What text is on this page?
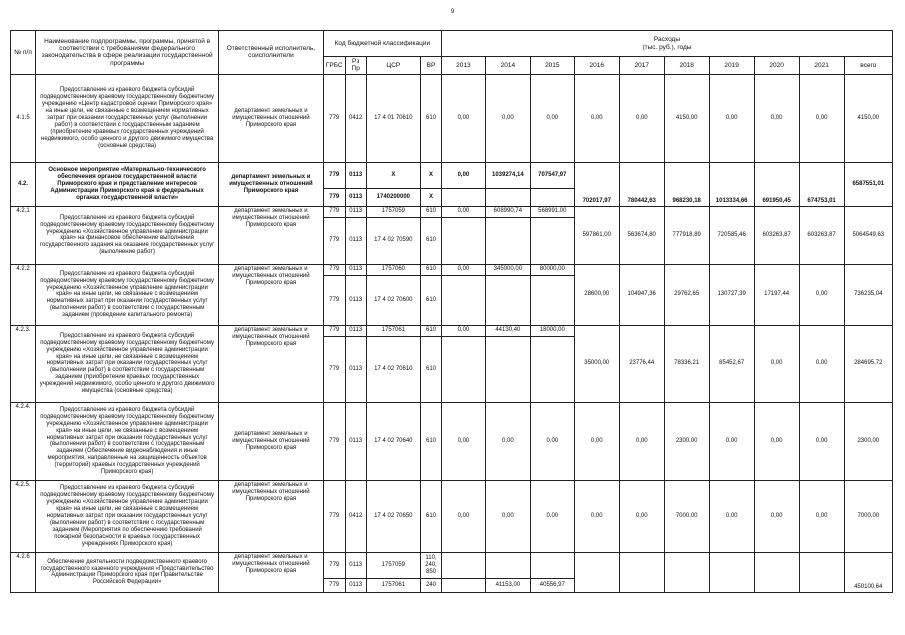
9
№ п/п	Наименование подпрограммы, программы, принятой в соответствии с требованиями федерального законодательства в сфере реализации государственной программы	Ответственный исполнитель, соисполнители	Код бюджетной классификации				Расходы
(тыс. руб.), годы									

			ГРБС	Рз Пр	ЦСР	ВР	2013	2014	2015	2016	2017	2018	2019	2020	2021	всего
4.1.5	Предоставление из краевого бюджета субсидий подведомственному краевому государственному бюджетному учреждению «Центр кадастровой оценки Приморского края» на иные цели, не связанные с возмещением нормативных затрат при оказании государственных услуг (выполнении работ) в соответствии с государственным заданием (приобретение кравевых государственных учреждений недвижимого, особо ценного и другого движимого имущества (основные средства)	департамент земельных и имущественных отношений Приморского края	779	0412	17 4 01 70610	610	0,00	0,00	0,00	0,00	0,00	4150,00	0,00	0,00	0,00	4150,00
4.2.	Основное мероприятие «Материально-технического обеспечения органов государственной власти Приморского края и представление интересов Администрации Приморского края в федеральных органах государственной власти»	департамент земельных и имущественных отношений Приморского края	779	0113	X	X	0,00	1039274,14	707547,97	702017,97	780442,63	968230,18	1013334,66	691950,45	674753,01	6587551,01
			779	0113	1740200000	X										
4.2.1	Предоставление из краевого бюджета субсидий подведомственному краевому государственному бюджетному учреждению «Хозяйственное управление администрации края» на финансовое обеспечение выполнения государственного задания на оказание государственных услуг (выполнение работ)	департамент земельных и имущественных отношений Приморского края	779	0113	1757059	610	0,00	608990,74	568991,00	597861,00	563674,80	777918,89	720585,46	603263,87	603263,87	5064549,63
			779	0113	17 4 02 70590	610										
4.2.2	Предоставление из краевого бюджета субсидий подведомственному краевому государственному бюджетному учреждению «Хозяйственное управление администрации края» на иные цели, не связанные с возмещением нормативных затрат при оказании государственных услуг (выполнении работ) в соответствии с государственным заданием (проведение капитального ремонта)	департамент земельных и имущественных отношений Приморского края	779	0113	1757060	610	0,00	345000,00	80000,00	28600,00	104947,36	29762,65	130727,39	17197,44	0,00	736235,04
			779	0113	17 4 02 70600	610										
4.2.3.	Предоставление из краевого бюджета субсидий подведомственному краевому государственному бюджетному учреждению «Хозяйственное управление администрации края» на иные цели, не связанные с возмещением нормативных затрат при оказании государственных услуг (выполнении работ) в соответствии с государственным заданием (приобретение краевых государственных учреждений недвижимого, особо ценного и другого движимого имущества (основные средства)	департамент земельных и имущественных отношений Приморского края	779	0113	1757061	610	0,00	44130,40	18000,00	35000,00	23776,44	78336,21	85452,67	0,00	0,00	284695,72
			779	0113	17 4 02 70610	610										
4.2.4.	Предоставление из краевого бюджета субсидий подведомственному краевому государственному бюджетному учреждению «Хозяйственное управление администрации края» на иные цели, не связанные с возмещением нормативных затрат при оказании государственных услуг (выполнении работ) в соответствии с государственным заданием (Обеспечение видеонаблюдения и иные мероприятия, направленные на защищенность объектов (территорий) краевых государственных учреждений Приморского края)	департамент земельных и имущественных отношений Приморского края	779	0113	17 4 02 70640	610	0,00	0,00	0,00	0,00	0,00	2300,00	0,00	0,00	0,00	2300,00
4.2.5.	Предоставление из краевого бюджета субсидий подведомственному краевому государственному бюджетному учреждению «Хозяйственное управление администрации края» на иные цели, не связанные с возмещением нормативных затрат при оказании государственных услуг (выполнении работ) в соответствии с государственным заданием (Мероприятия по обеспечению требований пожарной безопасности в краевых государственных учреждениях Приморского края)	департамент земельных и имущественных отношений Приморского края	779	0412	17 4 02 70650	610	0,00	0,00	0,00	0,00	0,00	7000,00	0,00	0,00	0,00	7000,00
4.2.6	Обеспечение деятельности подведомственного краевого государственного казенного учреждения «Представительство Администрации Приморского края при Правительстве Российской Федерации»	департамент земельных и имущественных отношений Приморского края	779	0113	1757059	110, 240, 850										450100,64
			779	0113	1757061	240		41153,00	40556,97							
